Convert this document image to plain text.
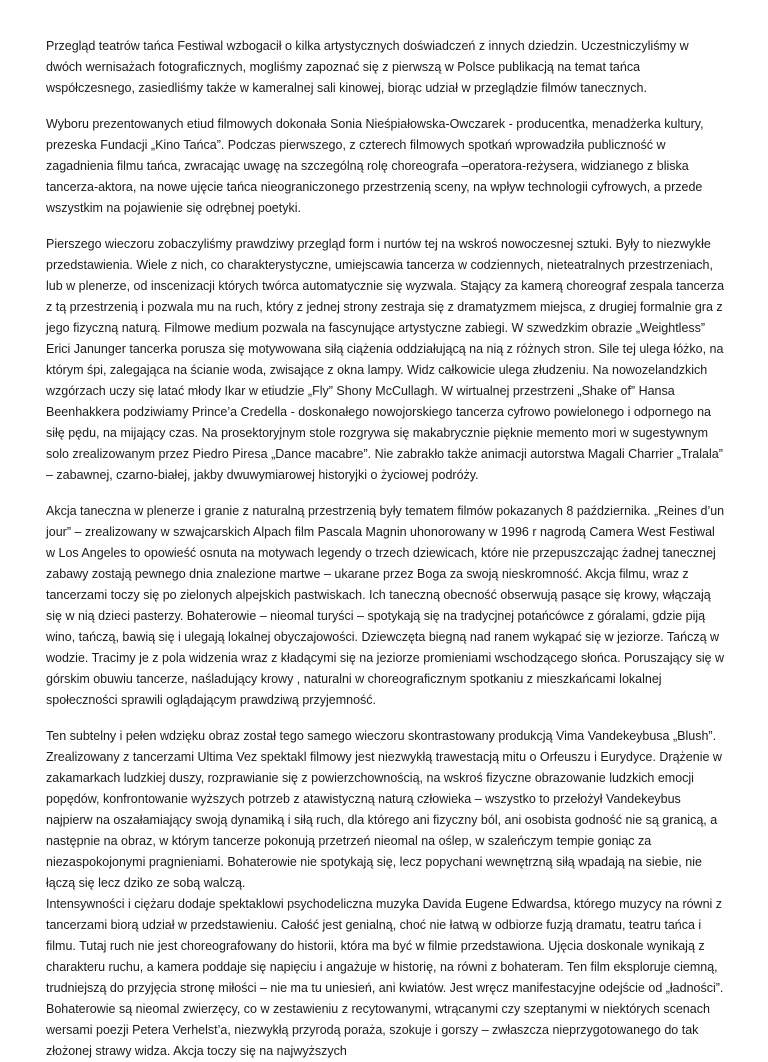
Przegląd teatrów tańca Festiwal wzbogacił o kilka artystycznych doświadczeń z innych dziedzin. Uczestniczyliśmy w dwóch wernisażach fotograficznych, mogliśmy zapoznać się z pierwszą w Polsce publikacją na temat tańca współczesnego, zasiedliśmy także w kameralnej sali kinowej, biorąc udział w przeglądzie filmów tanecznych.

Wyboru prezentowanych etiud filmowych dokonała Sonia Nieśpiałowska-Owczarek - producentka, menadżerka kultury, prezeska Fundacji „Kino Tańca”. Podczas pierwszego, z czterech filmowych spotkań wprowadziła publiczność w zagadnienia filmu tańca, zwracając uwagę na szczególną rolę choreografa –operatora-reżysera, widzianego z bliska tancerza-aktora, na nowe ujęcie tańca nieograniczonego przestrzenią sceny, na wpływ technologii cyfrowych, a przede wszystkim na pojawienie się odrębnej poetyki.

Pierszego wieczoru zobaczyliśmy prawdziwy przegląd form i nurtów tej na wskroś nowoczesnej sztuki. Były to niezwykłe przedstawienia. Wiele z nich, co charakterystyczne, umiejscawia tancerza w codziennych, nieteatralnych przestrzeniach, lub w plenerze, od inscenizacji których twórca automatycznie się wyzwala. Stający za kamerą choreograf zespala tancerza z tą przestrzenią i pozwala mu na ruch, który z jednej strony zestraja się z dramatyzmem miejsca, z drugiej formalnie gra z jego fizyczną naturą. Filmowe medium pozwala na fascynujące artystyczne zabiegi. W szwedzkim obrazie „Weightless” Erici Janunger tancerka porusza się motywowana siłą ciążenia oddziałującą na nią z różnych stron. Sile tej ulega łóżko, na którym śpi, zalegająca na ścianie woda, zwisające z okna lampy. Widz całkowicie ulega złudzeniu. Na nowozelandzkich wzgórzach uczy się latać młody Ikar w etiudzie „Fly” Shony McCullagh. W wirtualnej przestrzeni „Shake of” Hansa Beenhakkera podziwiamy Prince’a Credella - doskonałego nowojorskiego tancerza cyfrowo powielonego i odpornego na siłę pędu, na mijający czas. Na prosektoryjnym stole rozgrywa się makabrycznie pięknie memento mori w sugestywnym solo zrealizowanym przez Piedro Piresa „Dance macabre”. Nie zabrakło także animacji autorstwa Magali Charrier „Tralala” – zabawnej, czarno-białej, jakby dwuwymiarowej historyjki o życiowej podróży.

Akcja taneczna w plenerze i granie z naturalną przestrzenią były tematem filmów pokazanych 8 października. „Reines d’un jour” – zrealizowany w szwajcarskich Alpach film Pascala Magnin uhonorowany w 1996 r nagrodą Camera West Festiwal w Los Angeles to opowieść osnuta na motywach legendy o trzech dziewicach, które nie przepuszczając żadnej tanecznej zabawy zostają pewnego dnia znalezione martwe – ukarane przez Boga za swoją nieskromność. Akcja filmu, wraz z tancerzami toczy się po zielonych alpejskich pastwiskach. Ich taneczną obecność obserwują pasące się krowy, włączają się w nią dzieci pasterzy. Bohaterowie – nieomal turyści – spotykają się na tradycjnej potańcówce z góralami, gdzie piją wino, tańczą, bawią się i ulegają lokalnej obyczajowości. Dziewczęta biegną nad ranem wykąpać się w jeziorze. Tańczą w wodzie. Tracimy je z pola widzenia wraz z kładącymi się na jeziorze promieniami wschodzącego słońca. Poruszający się w górskim obuwiu tancerze, naśladujący krowy , naturalni w choreograficznym spotkaniu z mieszkańcami lokalnej społeczności sprawili oglądającym prawdziwą przyjemność.

Ten subtelny i pełen wdzięku obraz został tego samego wieczoru skontrastowany produkcją Vima Vandekeybusa „Blush”. Zrealizowany z tancerzami Ultima Vez spektakl filmowy jest niezwykłą trawestacją mitu o Orfeuszu i Eurydyce. Drążenie w zakamarkach ludzkiej duszy, rozprawianie się z powierzchownością, na wskroś fizyczne obrazowanie ludzkich emocji popędów, konfrontowanie wyższych potrzeb z atawistyczną naturą człowieka – wszystko to przełożył Vandekeybus najpierw na oszałamiający swoją dynamiką i siłą ruch, dla którego ani fizyczny ból, ani osobista godność nie są granicą, a następnie na obraz, w którym tancerze pokonują przetrzeń nieomal na oślep, w szaleńczym tempie goniąc za niezaspokojonymi pragnieniami. Bohaterowie nie spotykają się, lecz popychani wewnętrzną siłą wpadają na siebie, nie łączą się lecz dziko ze sobą walczą.

Intensywności i ciężaru dodaje spektaklowi psychodeliczna muzyka Davida Eugene Edwardsa, którego muzycy na równi z tancerzami biorą udział w przedstawieniu. Całość jest genialną, choć nie łatwą w odbiorze fuzją dramatu, teatru tańca i filmu. Tutaj ruch nie jest choreografowany do historii, która ma być w filmie przedstawiona. Ujęcia doskonale wynikają z charakteru ruchu, a kamera poddaje się napięciu i angażuje w historię, na równi z bohateram. Ten film eksploruje ciemną, trudniejszą do przyjęcia stronę miłości – nie ma tu uniesień, ani kwiatów. Jest wręcz manifestacyjne odejście od „ładności”. Bohaterowie są nieomal zwierzęcy, co w zestawieniu z recytowanymi, wtrącanymi czy szeptanymi w niektórych scenach wersami poezji Petera Verhelst’a, niezwykłą przyrodą poraża, szokuje i gorszy – zwłaszcza nieprzygotowanego do tak złożonej strawy widza. Akcja toczy się na najwyższych
